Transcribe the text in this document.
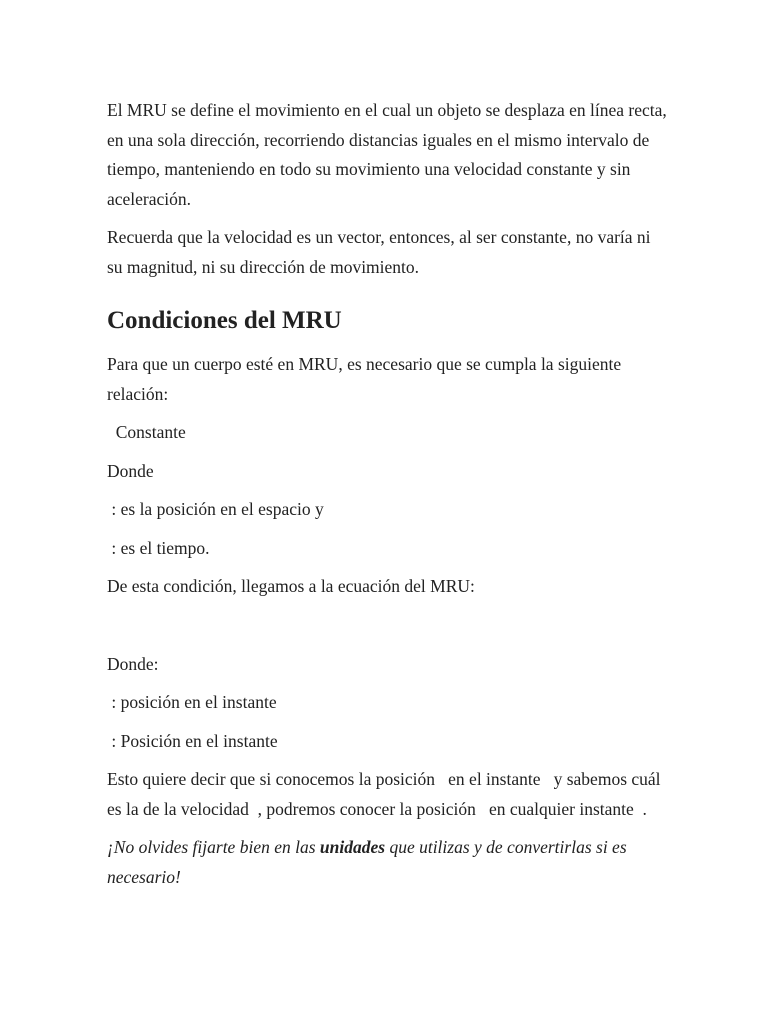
El MRU se define el movimiento en el cual un objeto se desplaza en línea recta, en una sola dirección, recorriendo distancias iguales en el mismo intervalo de tiempo, manteniendo en todo su movimiento una velocidad constante y sin aceleración.

Recuerda que la velocidad es un vector, entonces, al ser constante, no varía ni su magnitud, ni su dirección de movimiento.

Condiciones del MRU

Para que un cuerpo esté en MRU, es necesario que se cumpla la siguiente relación:

Constante

Donde

: es la posición en el espacio y

: es el tiempo.

De esta condición, llegamos a la ecuación del MRU:

Donde:

: posición en el instante

: Posición en el instante

Esto quiere decir que si conocemos la posición   en el instante   y sabemos cuál es la de la velocidad  , podremos conocer la posición   en cualquier instante  .

¡No olvides fijarte bien en las unidades que utilizas y de convertirlas si es necesario!
